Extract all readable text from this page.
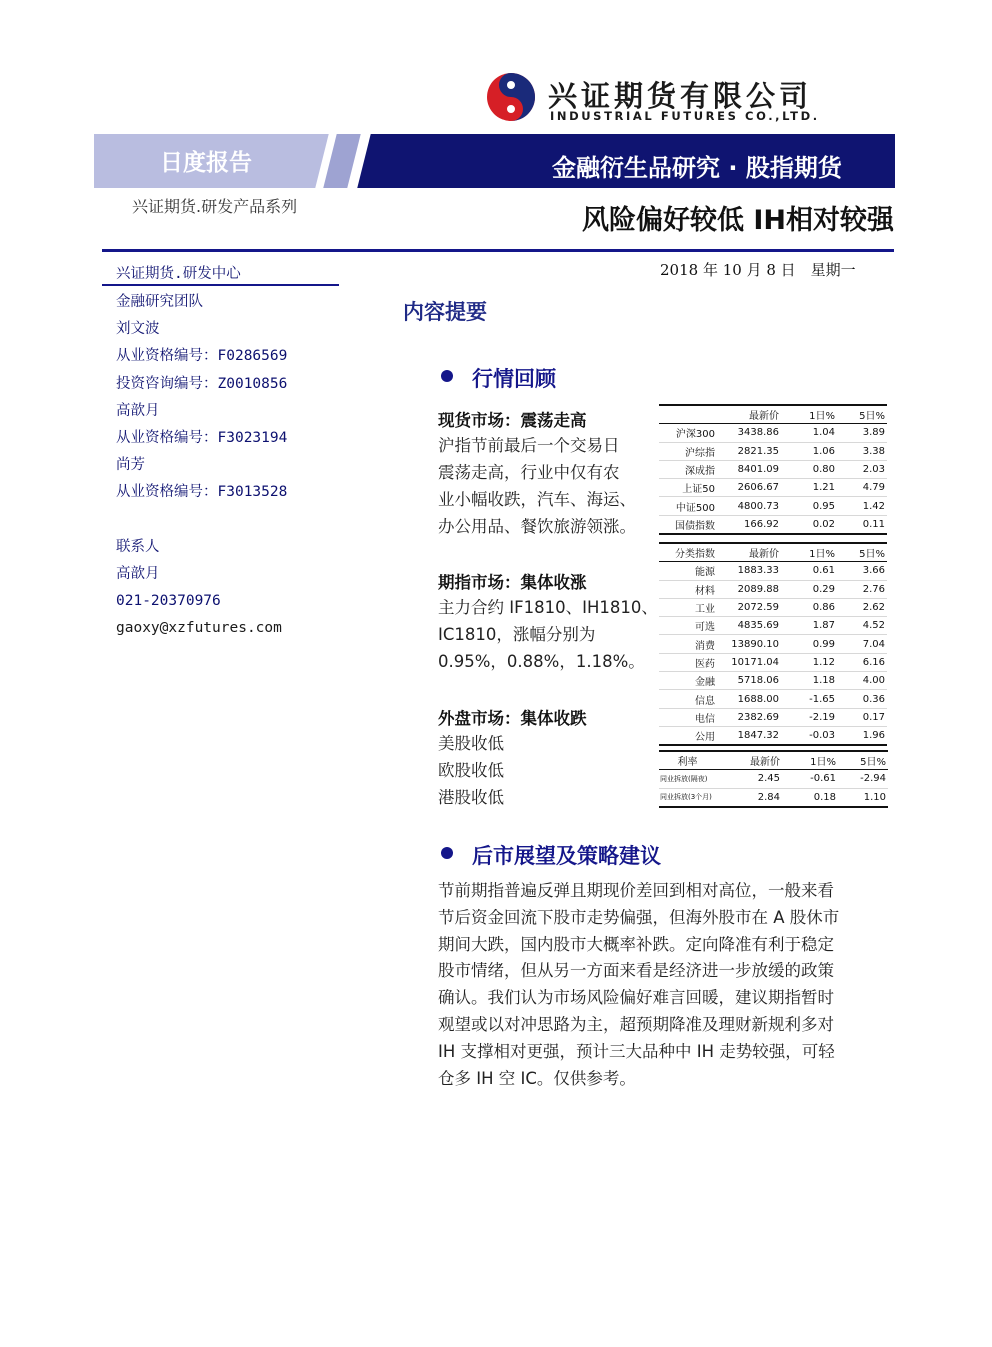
兴证期货有限公司
INDUSTRIAL FUTURES CO.,LTD.
日度报告	金融衍生品研究 · 股指期货
兴证期货.研发产品系列	风险偏好较低 IH相对较强
兴证期货.研发中心
金融研究团队
刘文波
从业资格编号：F0286569
投资咨询编号：Z0010856
高歆月
从业资格编号：F3023194
尚芳
从业资格编号：F3013528
联系人
高歆月
021-20370976
gaoxy@xzfutures.com
2018 年 10 月 8 日　星期一
内容提要
行情回顾
现货市场：震荡走高
沪指节前最后一个交易日
震荡走高，行业中仅有农
业小幅收跌，汽车、海运、
办公用品、餐饮旅游领涨。
期指市场：集体收涨
主力合约 IF1810、IH1810、
IC1810，涨幅分别为
0.95%，0.88%，1.18%。
外盘市场：集体收跌
美股收低
欧股收低
港股收低
	最新价	1日%	5日%
沪深300	3438.86	1.04	3.89
沪综指	2821.35	1.06	3.38
深成指	8401.09	0.80	2.03
上证50	2606.67	1.21	4.79
中证500	4800.73	0.95	1.42
国债指数	166.92	0.02	0.11
分类指数	最新价	1日%	5日%
能源	1883.33	0.61	3.66
材料	2089.88	0.29	2.76
工业	2072.59	0.86	2.62
可选	4835.69	1.87	4.52
消费	13890.10	0.99	7.04
医药	10171.04	1.12	6.16
金融	5718.06	1.18	4.00
信息	1688.00	-1.65	0.36
电信	2382.69	-2.19	0.17
公用	1847.32	-0.03	1.96
利率	最新价	1日%	5日%
同业拆放(隔夜)	2.45	-0.61	-2.94
同业拆放(3个月)	2.84	0.18	1.10
后市展望及策略建议
节前期指普遍反弹且期现价差回到相对高位，一般来看
节后资金回流下股市走势偏强，但海外股市在 A 股休市
期间大跌，国内股市大概率补跌。定向降准有利于稳定
股市情绪，但从另一方面来看是经济进一步放缓的政策
确认。我们认为市场风险偏好难言回暖，建议期指暂时
观望或以对冲思路为主，超预期降准及理财新规利多对
IH 支撑相对更强，预计三大品种中 IH 走势较强，可轻
仓多 IH 空 IC。仅供参考。
